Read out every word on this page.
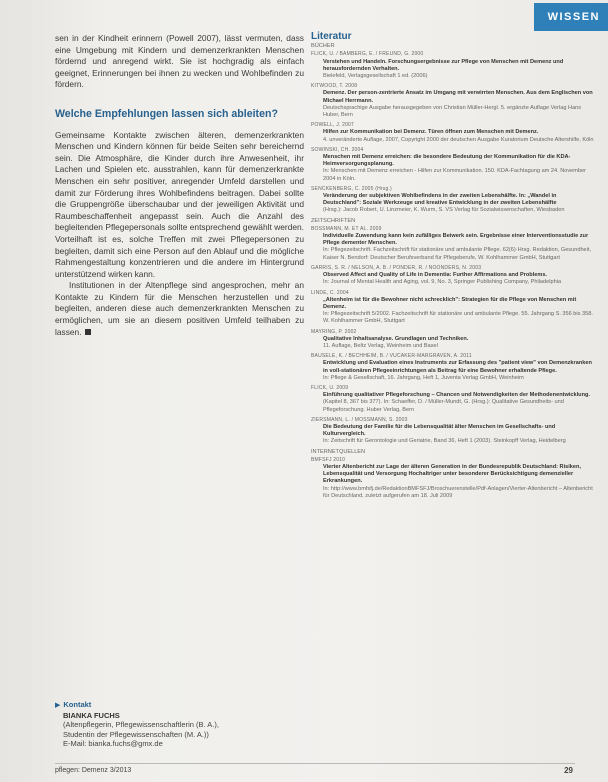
WISSEN

sen in der Kindheit erinnern (Powell 2007), lässt vermuten, dass eine Umgebung mit Kindern und demenzerkrankten Menschen fördernd und anregend wirkt. Sie ist hochgradig als einfach geeignet, Erinnerungen bei ihnen zu wecken und Wohlbefinden zu fördern.

Welche Empfehlungen lassen sich ableiten?

Gemeinsame Kontakte zwischen älteren, demenzerkrankten Menschen und Kindern können für beide Seiten sehr bereichernd sein. Die Atmosphäre, die Kinder durch ihre Anwesenheit, ihr Lachen und Spielen etc. ausstrahlen, kann für demenzerkrankte Menschen ein sehr positiver, anregender Umfeld darstellen und damit zur Förderung ihres Wohlbefindens beitragen. Dabei sollte die Gruppengröße überschaubar und der jeweiligen Aktivität und Raumbeschaffenheit angepasst sein. Auch die Anzahl des begleitenden Pflegepersonals sollte entsprechend gewählt werden. Vorteilhaft ist es, solche Treffen mit zwei Pflegepersonen zu begleiten, damit sich eine Person auf den Ablauf und die mögliche Rahmengestaltung konzentrieren und die andere im Hintergrund unterstützend wirken kann.

Institutionen in der Altenpflege sind angesprochen, mehr an Kontakte zu Kindern für die Menschen herzustellen und zu begleiten, anderen diese auch demenzerkrankten Menschen zu ermöglichen, um sie an diesem positiven Umfeld teilhaben zu lassen.

Literatur
BÜCHER
FLICK, U. / BAMBERG, E. / FREUND, G. 2000
Verstehen und Handeln. Forschungsergebnisse zur Pflege von Menschen mit Demenz und herausfordernden Verhalten.
Bielefeld, Verlagsgesellschaft 1 ed. (2006)
KITWOOD, T. 2008
Demenz. Der person-zentrierte Ansatz im Umgang mit verwirrten Menschen. Aus dem Englischen von Michael Herrmann.
Deutschsprachige Ausgabe herausgegeben von Christian Müller-Hergl. 5. ergänzte Auflage Verlag Hans Huber, Bern
POWELL, J. 2007
Hilfen zur Kommunikation bei Demenz. Türen öffnen zum Menschen mit Demenz.
4. unveränderte Auflage, 2007, Copyright 2000 der deutschen Ausgabe Kuratorium Deutsche Altershilfe, Köln
SOWINSKI, CH. 2004
Menschen mit Demenz erreichen: die besondere Bedeutung der Kommunikation für die KDA-Heimversorgungsplanung.
In: Menschen mit Demenz erreichen - Hilfen zur Kommunikation. 150. KDA-Fachtagung am 24. November 2004 in Köln.
SENCKENBERG, C. 2005 (Hrsg.)
Veränderung der subjektiven Wohlbefindens in der zweiten Lebenshälfte. In: „Wandel in Deutschland": Soziale Werkzeuge und kreative Entwicklung in der zweiten Lebenshälfte
(Hrsg.): Jacob Robert, U. Linzmeier, K. Wurm, S. VS Verlag für Sozialwissenschaften, Wiesbaden
ZEITSCHRIFTEN
BOSSMANN, M. ET AL. 2009
Individuelle Zuwendung kann kein zufälliges Beiwerk sein. Ergebnisse einer Interventionsstudie zur Pflege dementer Menschen.
In: Pflegezeitschrift. Fachzeitschrift für stationäre und ambulante Pflege. 62(6)·Hrsg. Redaktion, Gesundheit, Kaiser N. Bendorf: Deutscher Berufsverband für Pflegeberufe, W. Kohlhammer GmbH, Stuttgart
GARRIS, S. R. / NELSON, A. B. / PONDER, R. / NOONDERS, N. 2003
Observed Affect and Quality of Life in Dementia: Further Affirmations and Problems.
In: Journal of Mental Health and Aging, vol. 9, No. 3, Springer Publishing Company, Philadelphia
LINDE, C. 2004
„Altenheim ist für die Bewohner nicht schrecklich": Strategien für die Pflege von Menschen mit Demenz.
In: Pflegezeitschrift 5/2002. Fachzeitschrift für stationäre und ambulante Pflege. 55. Jahrgang S. 356 bis 358. W. Kohlhammer GmbH, Stuttgart
MAYRING, P. 2002
Qualitative Inhaltsanalyse. Grundlagen und Techniken.
11. Auflage, Beltz Verlag, Weinheim und Basel
BAUSELE, K. / BECHHEIM, B. / VUCAKER-MARGRAVEN, A. 2011
Entwicklung und Evaluation eines Instruments zur Erfassung des "patient view" von Demenzkranken in voll-stationären Pflegeeinrichtungen als Beitrag für eine Bewohner erhaltende Pflege.
In: Pflege & Gesellschaft, 16. Jahrgang, Heft 1, Juventa Verlag GmbH, Weinheim
FLICK, U. 2009
Einführung qualitativer Pflegeforschung – Chancen und Notwendigkeiten der Methodenentwicklung.
(Kapitel 8, 367 bis 377). In: Schaeffer, D. / Müller-Mundt, G. (Hrsg.): Qualitative Gesundheits- und Pflegeforschung. Huber Verlag, Bern
ZIERSMANN, L. / MOSSMANN, S. 2003
Die Bedeutung der Familie für die Lebensqualität älter Menschen im Gesellschafts- und Kulturvergleich.
In: Zeitschrift für Gerontologie und Geriatrie, Band 36, Heft 1 (2003). Steinkopff Verlag, Heidelberg
INTERNETQUELLEN
BMFSFJ 2010
Vierter Altenbericht zur Lage der älteren Generation in der Bundesrepublik Deutschland: Risiken, Lebensqualität und Versorgung Hochaltriger unter besonderer Berücksichtigung demenzieller Erkrankungen.
In: http://www.bmfsfj.de/RedaktionBMFSFJ/Broschuerenstelle/Pdf-Anlagen/Vierter-Altenbericht – Altenbericht für Deutschland, zuletzt aufgerufen am 18. Juli 2009
▶ Kontakt
BIANKA FUCHS
(Altenpflegerin, Pflegewissenschaftlerin (B. A.),
Studentin der Pflegewissenschaften (M. A.))
E-Mail: bianka.fuchs@gmx.de
pflegen: Demenz 3/2013	29
